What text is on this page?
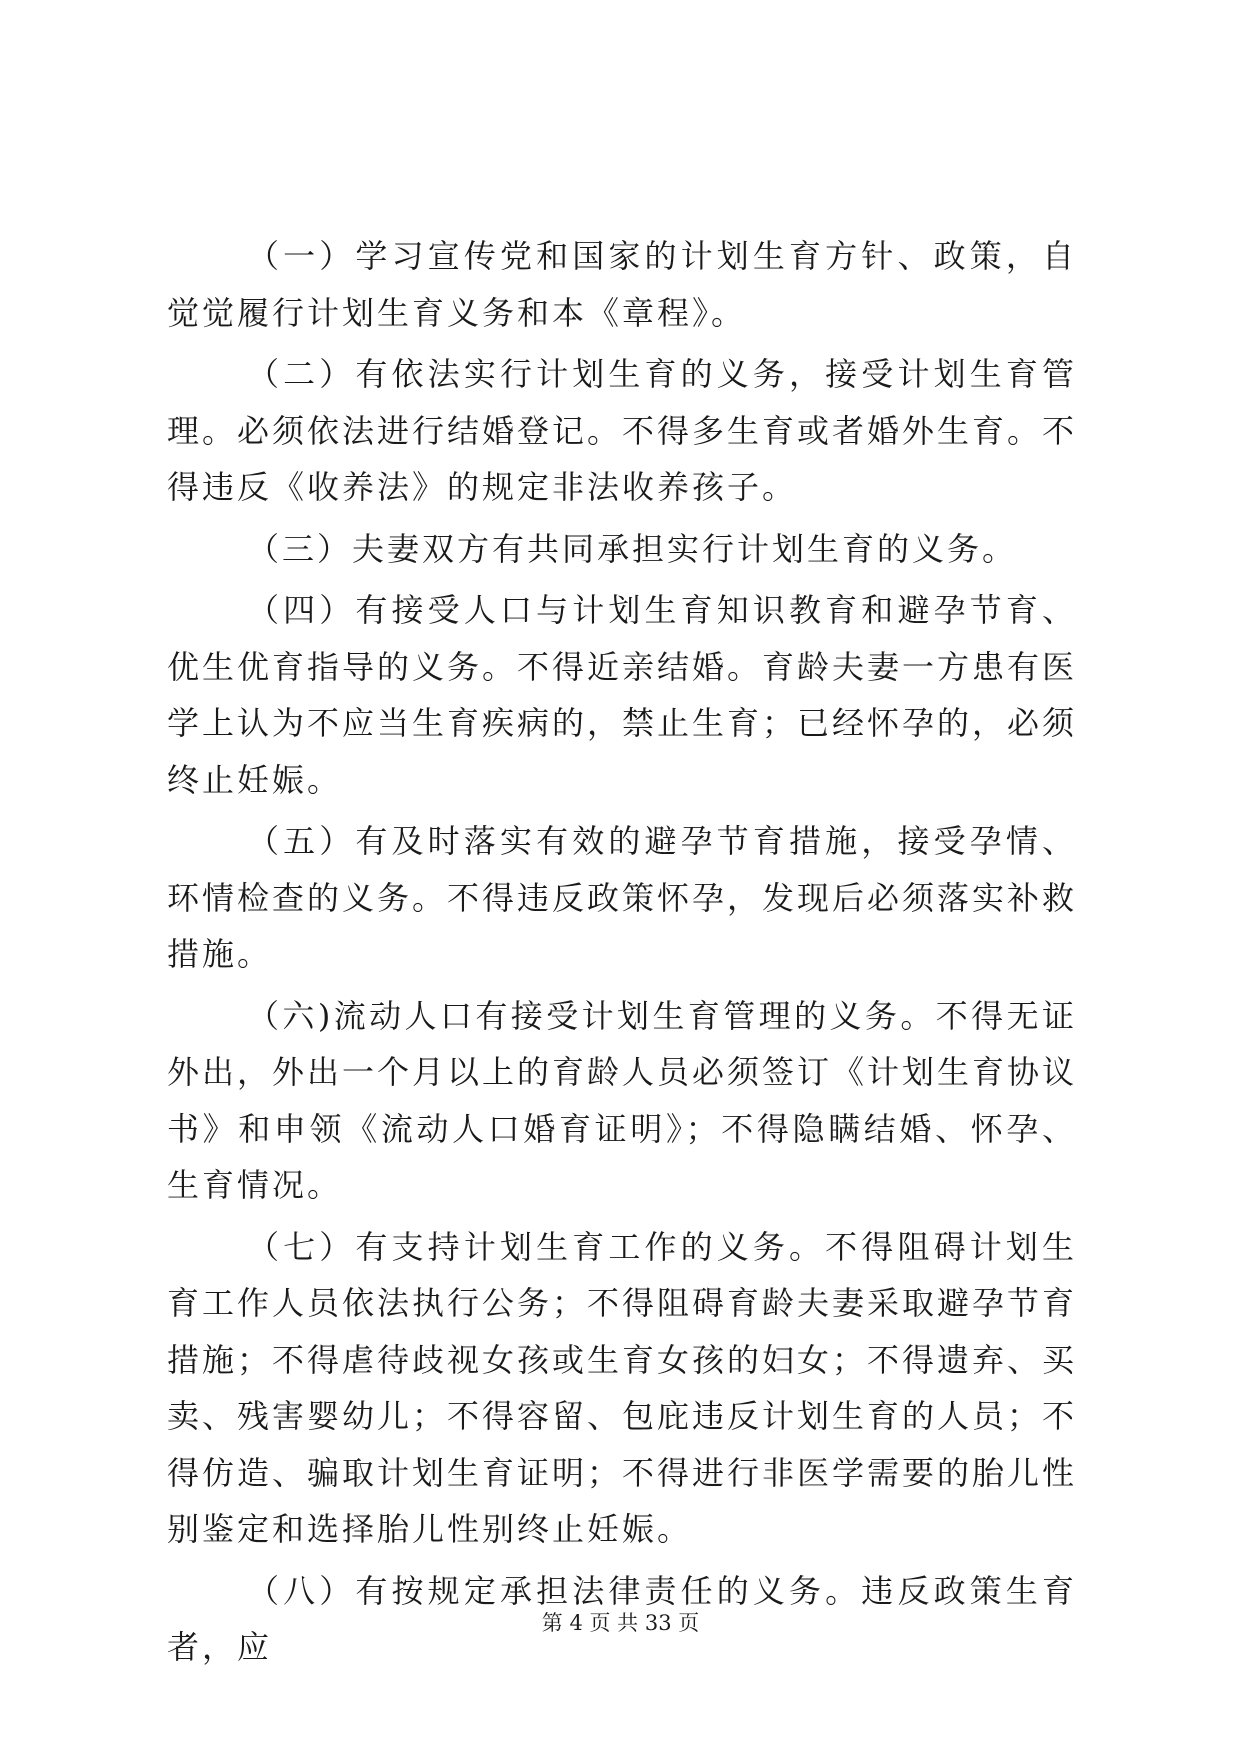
（一）学习宣传党和国家的计划生育方针、政策，自觉觉履行计划生育义务和本《章程》。

（二）有依法实行计划生育的义务，接受计划生育管理。必须依法进行结婚登记。不得多生育或者婚外生育。不得违反《收养法》的规定非法收养孩子。

（三）夫妻双方有共同承担实行计划生育的义务。

（四）有接受人口与计划生育知识教育和避孕节育、优生优育指导的义务。不得近亲结婚。育龄夫妻一方患有医学上认为不应当生育疾病的，禁止生育；已经怀孕的，必须终止妊娠。

（五）有及时落实有效的避孕节育措施，接受孕情、环情检查的义务。不得违反政策怀孕，发现后必须落实补救措施。

（六)流动人口有接受计划生育管理的义务。不得无证外出，外出一个月以上的育龄人员必须签订《计划生育协议书》和申领《流动人口婚育证明》；不得隐瞒结婚、怀孕、生育情况。

（七）有支持计划生育工作的义务。不得阻碍计划生育工作人员依法执行公务；不得阻碍育龄夫妻采取避孕节育措施；不得虐待歧视女孩或生育女孩的妇女；不得遗弃、买卖、残害婴幼儿；不得容留、包庇违反计划生育的人员；不得仿造、骗取计划生育证明；不得进行非医学需要的胎儿性别鉴定和选择胎儿性别终止妊娠。

（八）有按规定承担法律责任的义务。违反政策生育者，应

第 4 页 共 33 页
